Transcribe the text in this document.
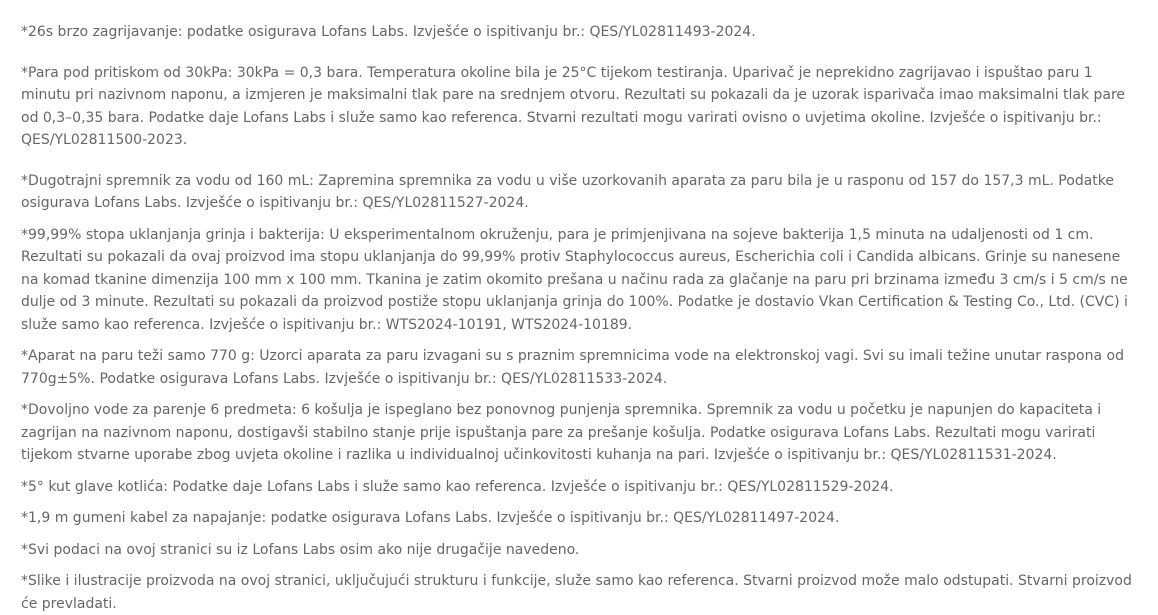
*26s brzo zagrijavanje: podatke osigurava Lofans Labs. Izvješće o ispitivanju br.: QES/YL02811493-2024.

*Para pod pritiskom od 30kPa: 30kPa = 0,3 bara. Temperatura okoline bila je 25°C tijekom testiranja. Uparivač je neprekidno zagrijavao i ispuštao paru 1 minutu pri nazivnom naponu, a izmjeren je maksimalni tlak pare na srednjem otvoru. Rezultati su pokazali da je uzorak isparivača imao maksimalni tlak pare od 0,3–0,35 bara. Podatke daje Lofans Labs i služe samo kao referenca. Stvarni rezultati mogu varirati ovisno o uvjetima okoline. Izvješće o ispitivanju br.: QES/YL02811500-2023.

*Dugotrajni spremnik za vodu od 160 mL: Zapremina spremnika za vodu u više uzorkovanih aparata za paru bila je u rasponu od 157 do 157,3 mL. Podatke osigurava Lofans Labs. Izvješće o ispitivanju br.: QES/YL02811527-2024.

*99,99% stopa uklanjanja grinja i bakterija: U eksperimentalnom okruženju, para je primjenjivana na sojeve bakterija 1,5 minuta na udaljenosti od 1 cm. Rezultati su pokazali da ovaj proizvod ima stopu uklanjanja do 99,99% protiv Staphylococcus aureus, Escherichia coli i Candida albicans. Grinje su nanesene na komad tkanine dimenzija 100 mm x 100 mm. Tkanina je zatim okomito prešana u načinu rada za glačanje na paru pri brzinama između 3 cm/s i 5 cm/s ne dulje od 3 minute. Rezultati su pokazali da proizvod postiže stopu uklanjanja grinja do 100%. Podatke je dostavio Vkan Certification & Testing Co., Ltd. (CVC) i služe samo kao referenca. Izvješće o ispitivanju br.: WTS2024-10191, WTS2024-10189.

*Aparat na paru teži samo 770 g: Uzorci aparata za paru izvagani su s praznim spremnicima vode na elektronskoj vagi. Svi su imali težine unutar raspona od 770g±5%. Podatke osigurava Lofans Labs. Izvješće o ispitivanju br.: QES/YL02811533-2024.

*Dovoljno vode za parenje 6 predmeta: 6 košulja je ispeglano bez ponovnog punjenja spremnika. Spremnik za vodu u početku je napunjen do kapaciteta i zagrijan na nazivnom naponu, dostigavši stabilno stanje prije ispuštanja pare za prešanje košulja. Podatke osigurava Lofans Labs. Rezultati mogu varirati tijekom stvarne uporabe zbog uvjeta okoline i razlika u individualnoj učinkovitosti kuhanja na pari. Izvješće o ispitivanju br.: QES/YL02811531-2024.

*5° kut glave kotlića: Podatke daje Lofans Labs i služe samo kao referenca. Izvješće o ispitivanju br.: QES/YL02811529-2024.

*1,9 m gumeni kabel za napajanje: podatke osigurava Lofans Labs. Izvješće o ispitivanju br.: QES/YL02811497-2024.

*Svi podaci na ovoj stranici su iz Lofans Labs osim ako nije drugačije navedeno.

*Slike i ilustracije proizvoda na ovoj stranici, uključujući strukturu i funkcije, služe samo kao referenca. Stvarni proizvod može malo odstupati. Stvarni proizvod će prevladati.
